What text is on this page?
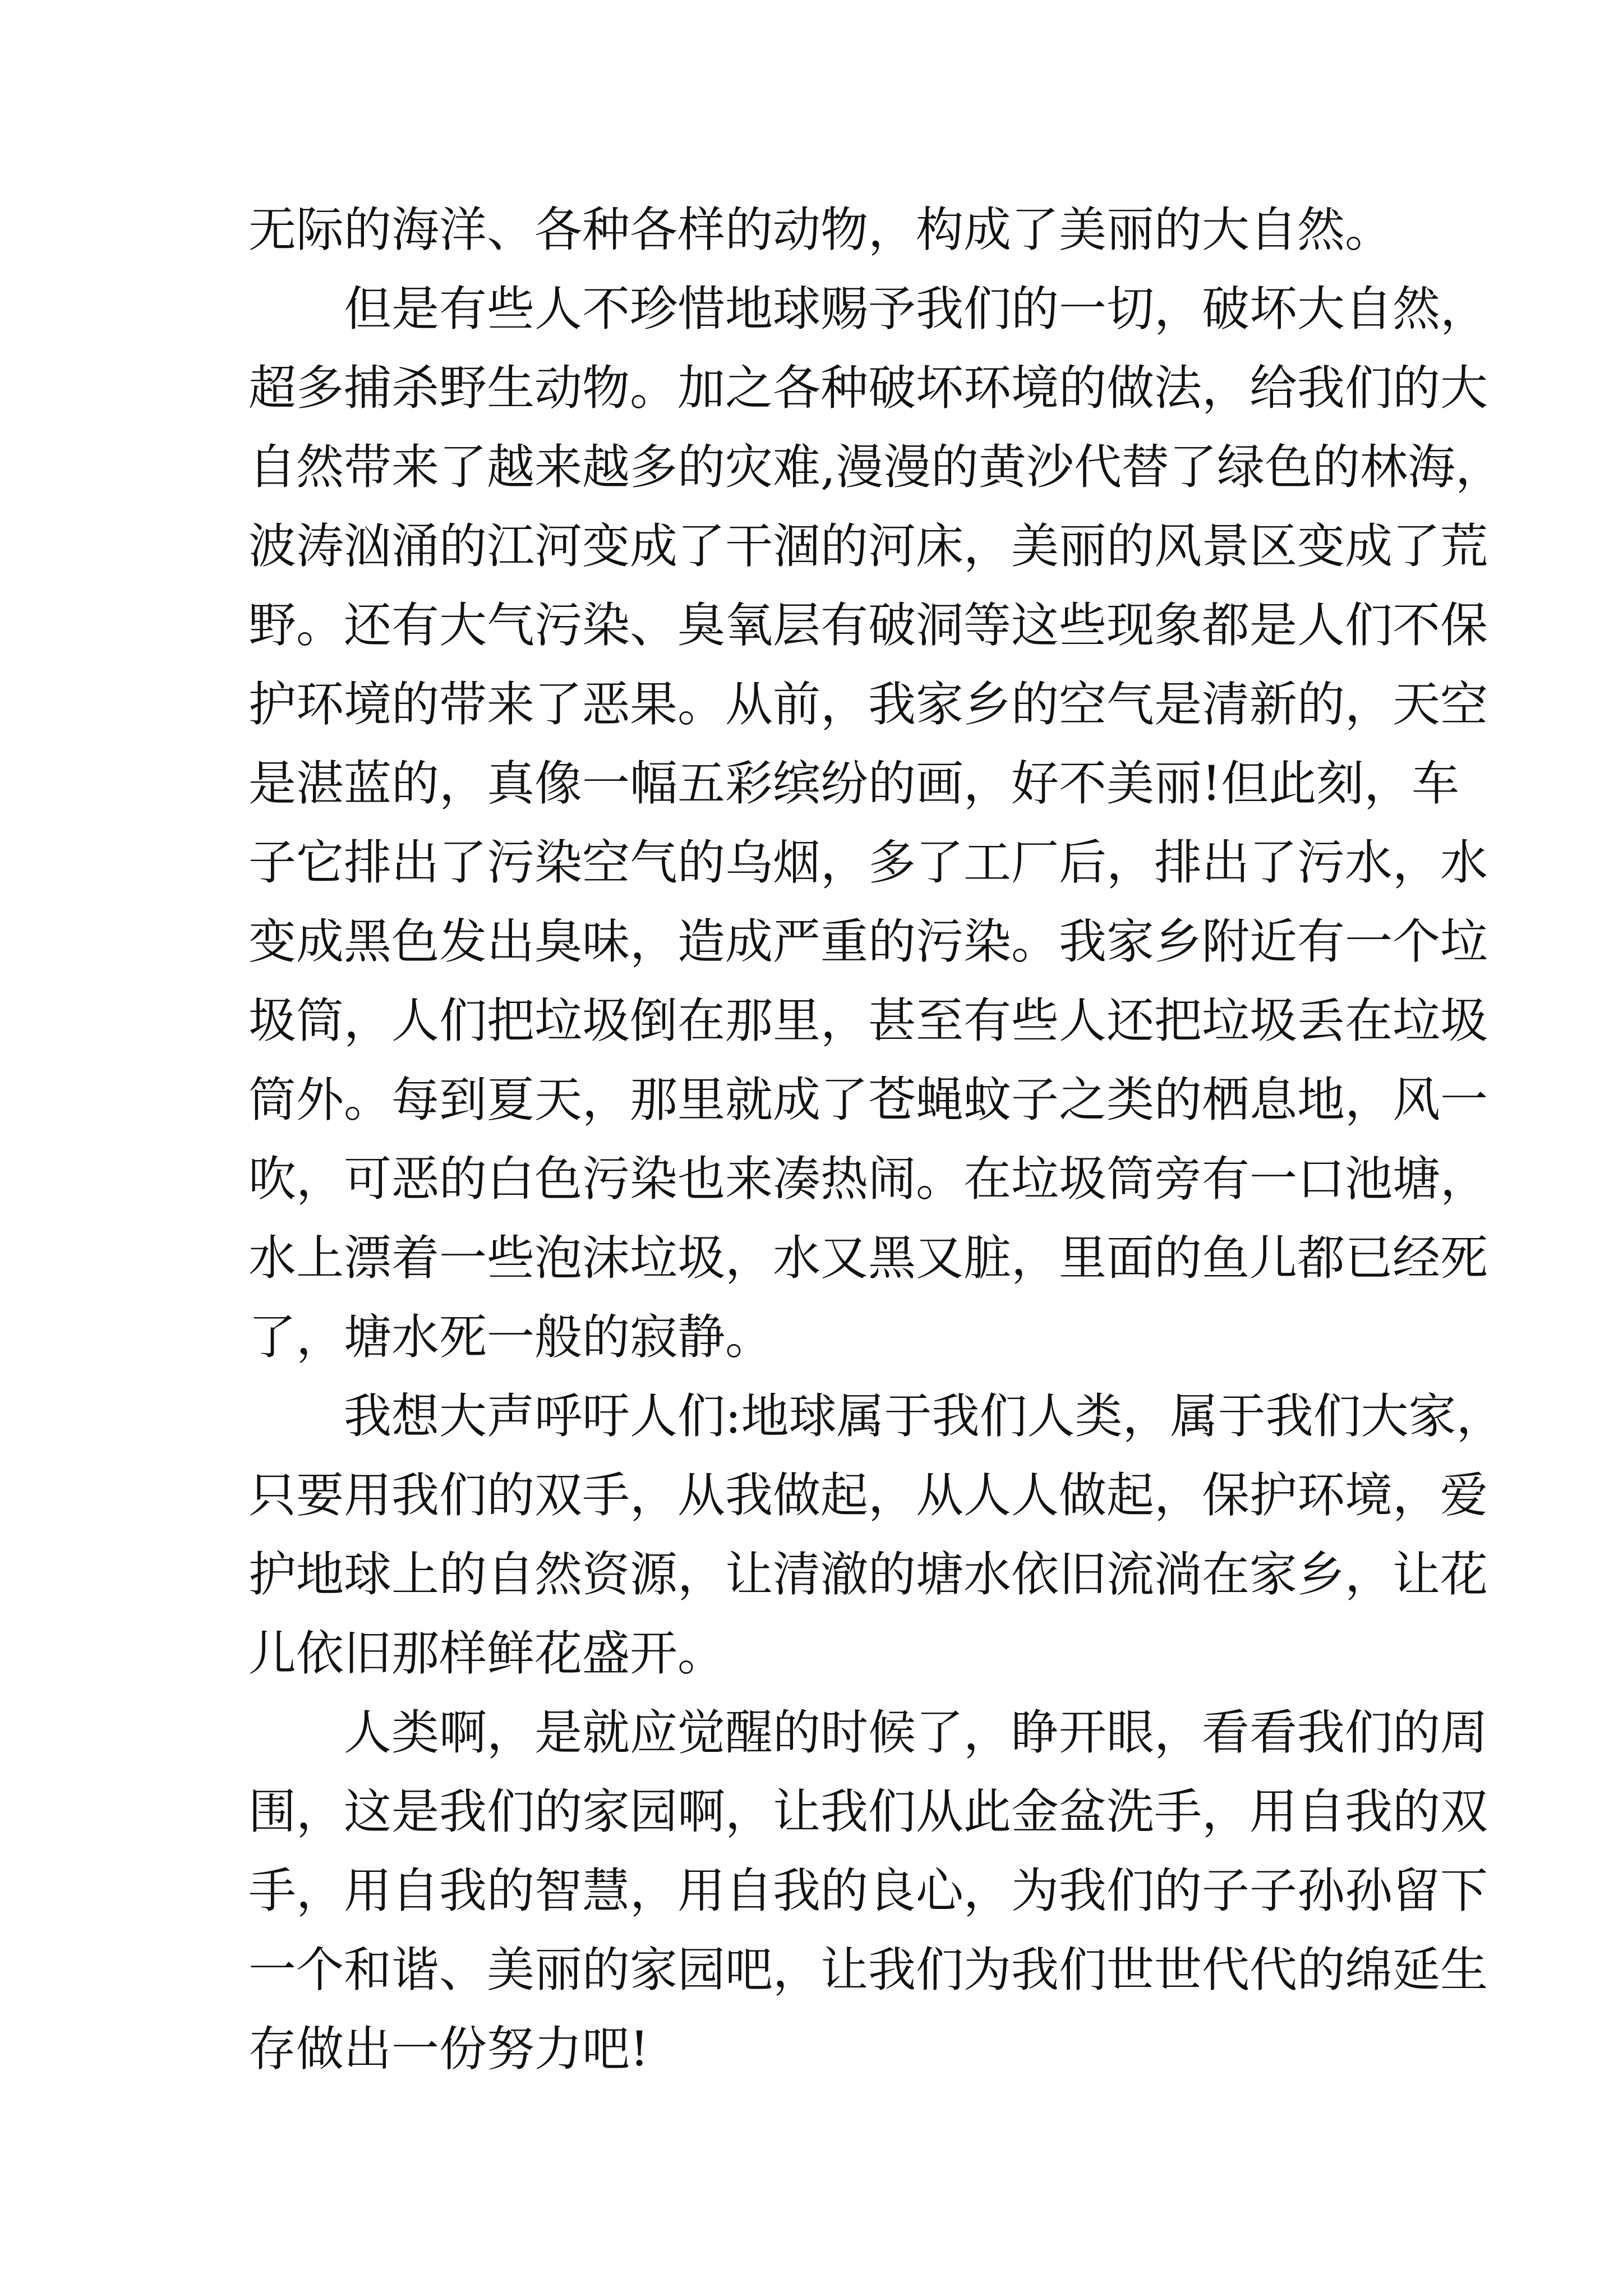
无际的海洋、各种各样的动物，构成了美丽的大自然。
但是有些人不珍惜地球赐予我们的一切，破坏大自然，
超多捕杀野生动物。加之各种破坏环境的做法，给我们的大
自然带来了越来越多的灾难,漫漫的黄沙代替了绿色的林海，
波涛汹涌的江河变成了干涸的河床，美丽的风景区变成了荒
野。还有大气污染、臭氧层有破洞等这些现象都是人们不保
护环境的带来了恶果。从前，我家乡的空气是清新的，天空
是湛蓝的，真像一幅五彩缤纷的画，好不美丽!但此刻，车
子它排出了污染空气的乌烟，多了工厂后，排出了污水，水
变成黑色发出臭味，造成严重的污染。我家乡附近有一个垃
圾筒，人们把垃圾倒在那里，甚至有些人还把垃圾丢在垃圾
筒外。每到夏天，那里就成了苍蝇蚊子之类的栖息地，风一
吹，可恶的白色污染也来凑热闹。在垃圾筒旁有一口池塘，
水上漂着一些泡沫垃圾，水又黑又脏，里面的鱼儿都已经死
了，塘水死一般的寂静。
我想大声呼吁人们:地球属于我们人类，属于我们大家，
只要用我们的双手，从我做起，从人人做起，保护环境，爱
护地球上的自然资源，让清澈的塘水依旧流淌在家乡，让花
儿依旧那样鲜花盛开。
人类啊，是就应觉醒的时候了，睁开眼，看看我们的周
围，这是我们的家园啊，让我们从此金盆洗手，用自我的双
手，用自我的智慧，用自我的良心，为我们的子子孙孙留下
一个和谐、美丽的家园吧，让我们为我们世世代代的绵延生
存做出一份努力吧!
